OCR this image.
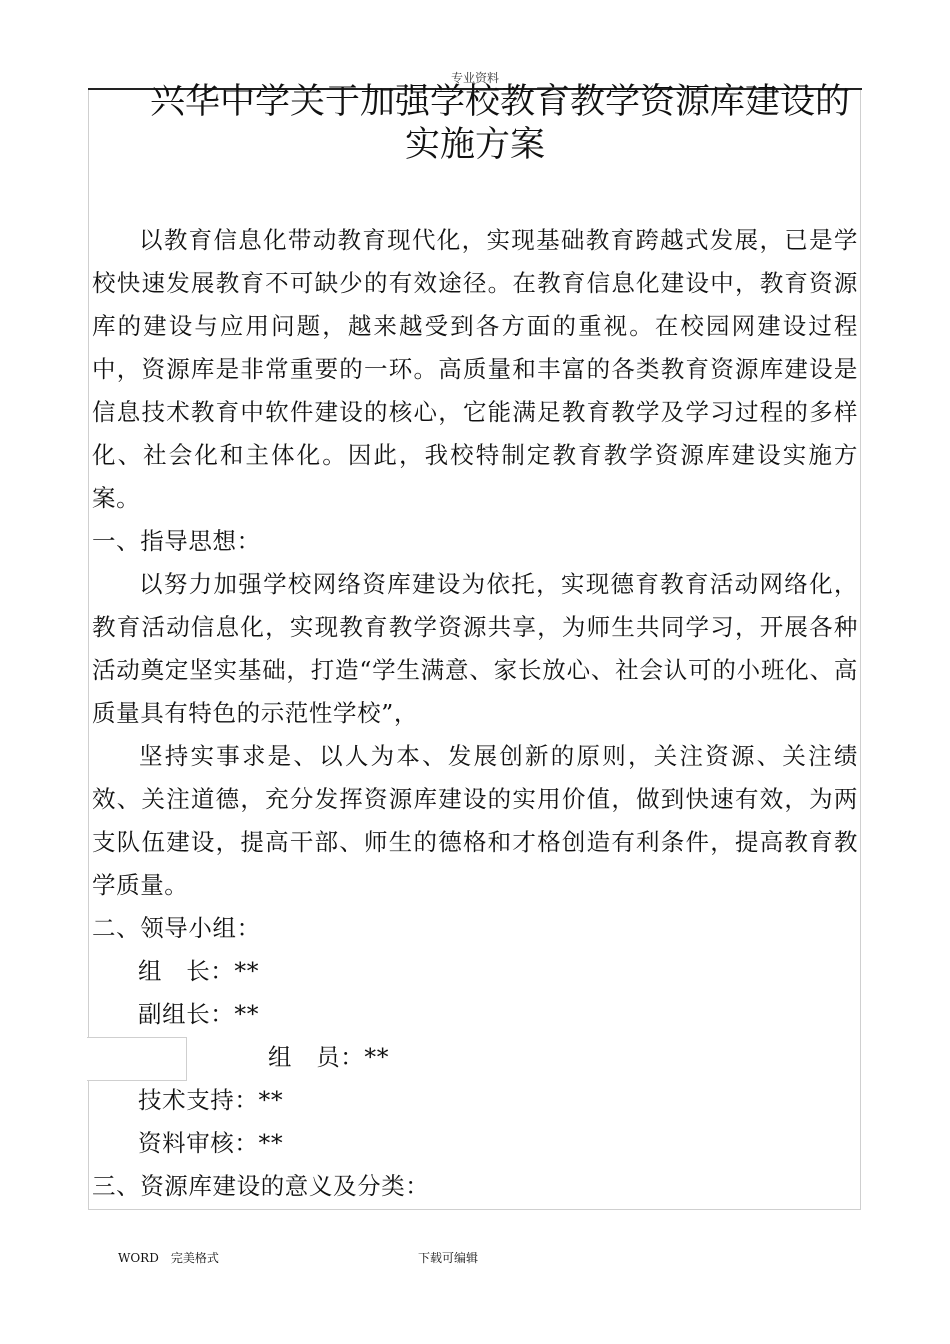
专业资料
兴华中学关于加强学校教育教学资源库建设的
实施方案

以教育信息化带动教育现代化，实现基础教育跨越式发展，已是学校快速发展教育不可缺少的有效途径。在教育信息化建设中，教育资源库的建设与应用问题，越来越受到各方面的重视。在校园网建设过程中，资源库是非常重要的一环。高质量和丰富的各类教育资源库建设是信息技术教育中软件建设的核心，它能满足教育教学及学习过程的多样化、社会化和主体化。因此，我校特制定教育教学资源库建设实施方案。

一、指导思想：

以努力加强学校网络资库建设为依托，实现德育教育活动网络化，教育活动信息化，实现教育教学资源共享，为师生共同学习，开展各种活动奠定坚实基础，打造“学生满意、家长放心、社会认可的小班化、高质量具有特色的示范性学校”，

坚持实事求是、以人为本、发展创新的原则，关注资源、关注绩效、关注道德，充分发挥资源库建设的实用价值，做到快速有效，为两支队伍建设，提高干部、师生的德格和才格创造有利条件，提高教育教学质量。

二、领导小组：

组　长：**

副组长：**

组　员：**

技术支持：**

资料审核：**

三、资源库建设的意义及分类：

WORD　完美格式	下载可编辑
